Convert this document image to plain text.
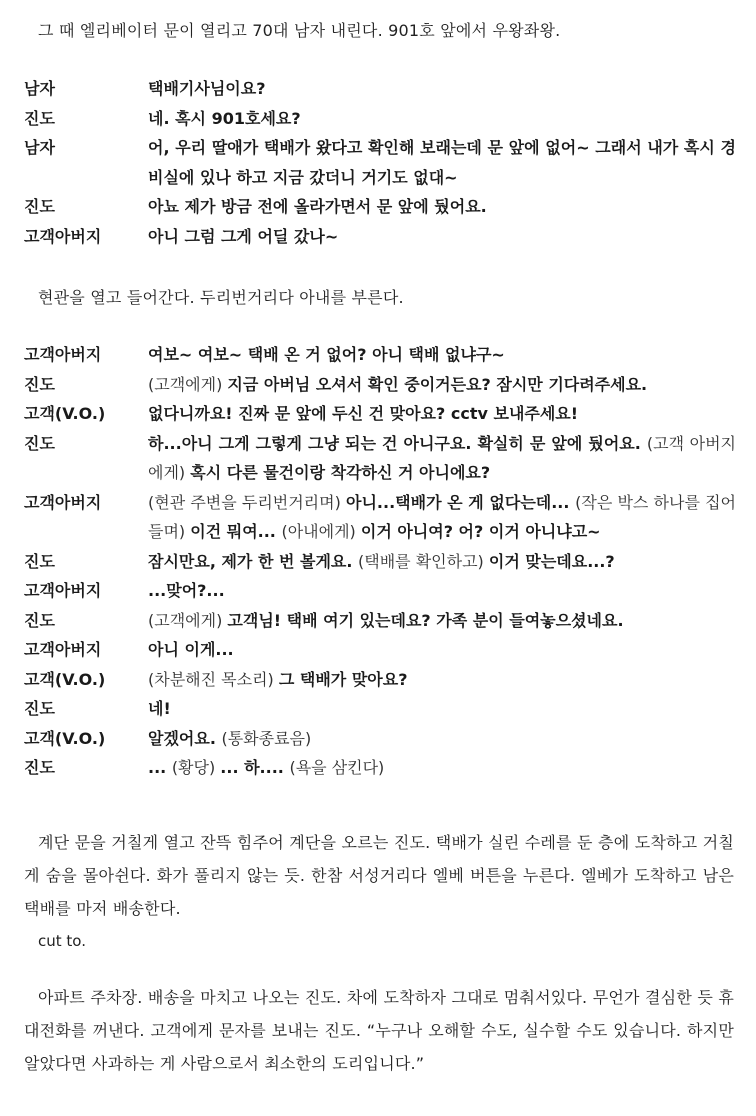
그 때 엘리베이터 문이 열리고 70대 남자 내린다. 901호 앞에서 우왕좌왕.
남자	택배기사님이요?
진도	네. 혹시 901호세요?
남자	어, 우리 딸애가 택배가 왔다고 확인해 보래는데 문 앞에 없어~ 그래서 내가 혹시 경비실에 있나 하고 지금 갔더니 거기도 없대~
진도	아뇨 제가 방금 전에 올라가면서 문 앞에 뒀어요.
고객아버지	아니 그럼 그게 어딜 갔나~
현관을 열고 들어간다. 두리번거리다 아내를 부른다.
고객아버지	여보~ 여보~ 택배 온 거 없어? 아니 택배 없냐구~
진도	(고객에게) 지금 아버님 오셔서 확인 중이거든요? 잠시만 기다려주세요.
고객(V.O.)	없다니까요! 진짜 문 앞에 두신 건 맞아요? cctv 보내주세요!
진도	하...아니 그게 그렇게 그냥 되는 건 아니구요. 확실히 문 앞에 뒀어요. (고객 아버지에게) 혹시 다른 물건이랑 착각하신 거 아니에요?
고객아버지	(현관 주변을 두리번거리며) 아니...택배가 온 게 없다는데... (작은 박스 하나를 집어 들며) 이건 뭐여... (아내에게) 이거 아니여? 어? 이거 아니냐고~
진도	잠시만요, 제가 한 번 볼게요. (택배를 확인하고) 이거 맞는데요...?
고객아버지	...맞어?...
진도	(고객에게) 고객님! 택배 여기 있는데요? 가족 분이 들여놓으셨네요.
고객아버지	아니 이게...
고객(V.O.)	(차분해진 목소리) 그 택배가 맞아요?
진도	네!
고객(V.O.)	알겠어요. (통화종료음)
진도	... (황당) ... 하.... (욕을 삼킨다)
계단 문을 거칠게 열고 잔뜩 힘주어 계단을 오르는 진도. 택배가 실린 수레를 둔 층에 도착하고 거칠게 숨을 몰아쉰다. 화가 풀리지 않는 듯. 한참 서성거리다 엘베 버튼을 누른다. 엘베가 도착하고 남은 택배를 마저 배송한다.
cut to.
아파트 주차장. 배송을 마치고 나오는 진도. 차에 도착하자 그대로 멈춰서있다. 무언가 결심한 듯 휴대전화를 꺼낸다. 고객에게 문자를 보내는 진도. “누구나 오해할 수도, 실수할 수도 있습니다. 하지만 알았다면 사과하는 게 사람으로서 최소한의 도리입니다.”
